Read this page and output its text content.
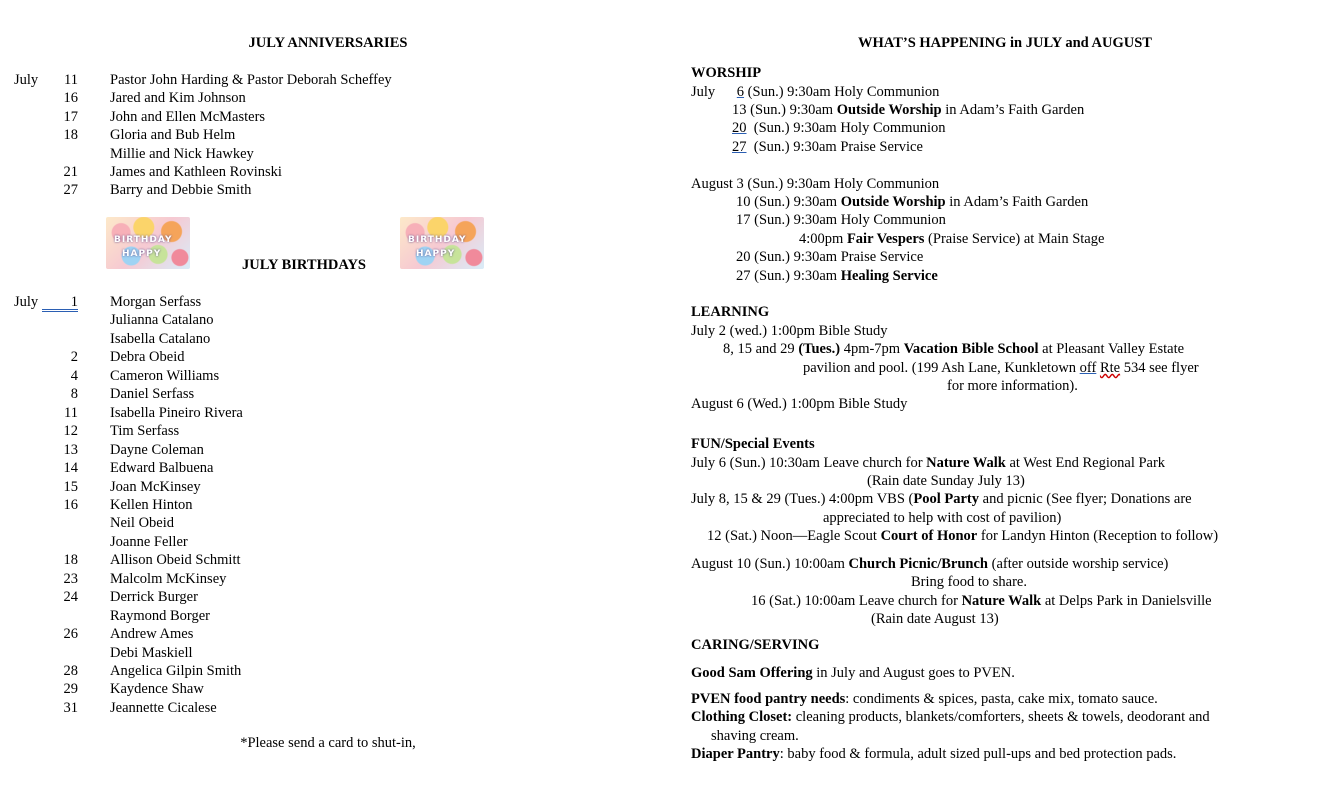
JULY ANNIVERSARIES
July	11 Pastor John Harding & Pastor Deborah Scheffey
16 Jared and Kim Johnson
17 John and Ellen McMasters
18 Gloria and Bub Helm
Millie and Nick Hawkey
21 James and Kathleen Rovinski
27 Barry and Debbie Smith
BIRTHDAY
HAPPY
BIRTHDAY
HAPPY
JULY BIRTHDAYS
July	1 Morgan Serfass
Julianna Catalano
Isabella Catalano
2 Debra Obeid
4 Cameron Williams
8 Daniel Serfass
11 Isabella Pineiro Rivera
12 Tim Serfass
13 Dayne Coleman
14 Edward Balbuena
15 Joan McKinsey
16 Kellen Hinton
Neil Obeid
Joanne Feller
18 Allison Obeid Schmitt
23 Malcolm McKinsey
24 Derrick Burger
Raymond Borger
26 Andrew Ames
Debi Maskiell
28 Angelica Gilpin Smith
29 Kaydence Shaw
31 Jeannette Cicalese
*Please send a card to shut-in,
WHAT’S HAPPENING in JULY and AUGUST
WORSHIP
July 6 (Sun.) 9:30am Holy Communion
13 (Sun.) 9:30am Outside Worship in Adam’s Faith Garden
20 (Sun.) 9:30am Holy Communion
27 (Sun.) 9:30am Praise Service
August 3 (Sun.) 9:30am Holy Communion
10 (Sun.) 9:30am Outside Worship in Adam’s Faith Garden
17 (Sun.) 9:30am Holy Communion
4:00pm Fair Vespers (Praise Service) at Main Stage
20 (Sun.) 9:30am Praise Service
27 (Sun.) 9:30am Healing Service
LEARNING
July 2 (wed.) 1:00pm Bible Study
8, 15 and 29 (Tues.) 4pm-7pm Vacation Bible School at Pleasant Valley Estate
pavilion and pool. (199 Ash Lane, Kunkletown off Rte 534 see flyer
for more information).
August 6 (Wed.) 1:00pm Bible Study
FUN/Special Events
July 6 (Sun.) 10:30am Leave church for Nature Walk at West End Regional Park
(Rain date Sunday July 13)
July 8, 15 & 29 (Tues.) 4:00pm VBS (Pool Party and picnic (See flyer; Donations are
appreciated to help with cost of pavilion)
12 (Sat.) Noon—Eagle Scout Court of Honor for Landyn Hinton (Reception to follow)
August 10 (Sun.) 10:00am Church Picnic/Brunch (after outside worship service)
Bring food to share.
16 (Sat.) 10:00am Leave church for Nature Walk at Delps Park in Danielsville
(Rain date August 13)
CARING/SERVING
Good Sam Offering in July and August goes to PVEN.
PVEN food pantry needs: condiments & spices, pasta, cake mix, tomato sauce.
Clothing Closet: cleaning products, blankets/comforters, sheets & towels, deodorant and
shaving cream.
Diaper Pantry: baby food & formula, adult sized pull-ups and bed protection pads.
